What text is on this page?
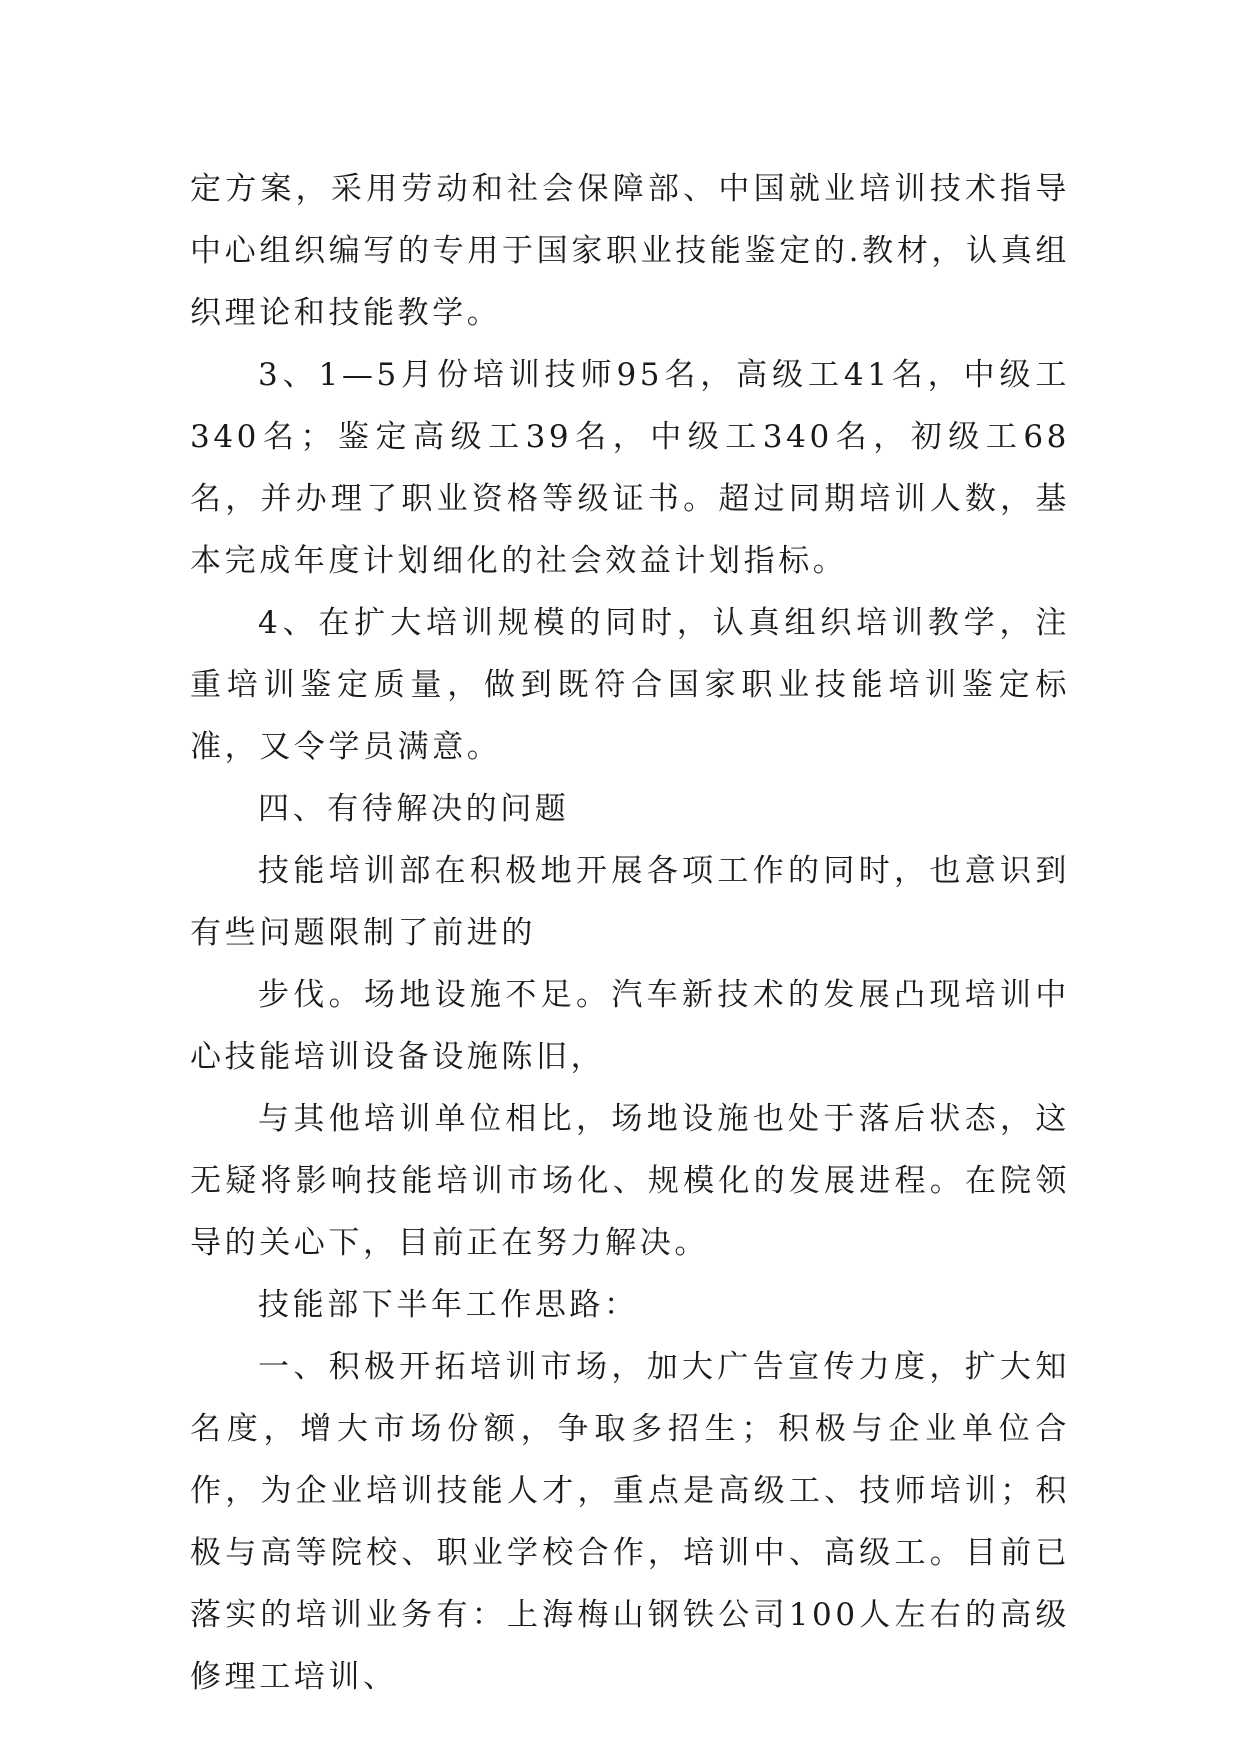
定方案，采用劳动和社会保障部、中国就业培训技术指导中心组织编写的专用于国家职业技能鉴定的.教材，认真组织理论和技能教学。

3、1—5月份培训技师95名，高级工41名，中级工340名；鉴定高级工39名，中级工340名，初级工68名，并办理了职业资格等级证书。超过同期培训人数，基本完成年度计划细化的社会效益计划指标。

4、在扩大培训规模的同时，认真组织培训教学，注重培训鉴定质量，做到既符合国家职业技能培训鉴定标准，又令学员满意。

四、有待解决的问题

技能培训部在积极地开展各项工作的同时，也意识到有些问题限制了前进的

步伐。场地设施不足。汽车新技术的发展凸现培训中心技能培训设备设施陈旧，

与其他培训单位相比，场地设施也处于落后状态，这无疑将影响技能培训市场化、规模化的发展进程。在院领导的关心下，目前正在努力解决。

技能部下半年工作思路：

一、积极开拓培训市场，加大广告宣传力度，扩大知名度，增大市场份额，争取多招生；积极与企业单位合作，为企业培训技能人才，重点是高级工、技师培训；积极与高等院校、职业学校合作，培训中、高级工。目前已落实的培训业务有：上海梅山钢铁公司100人左右的高级修理工培训、
